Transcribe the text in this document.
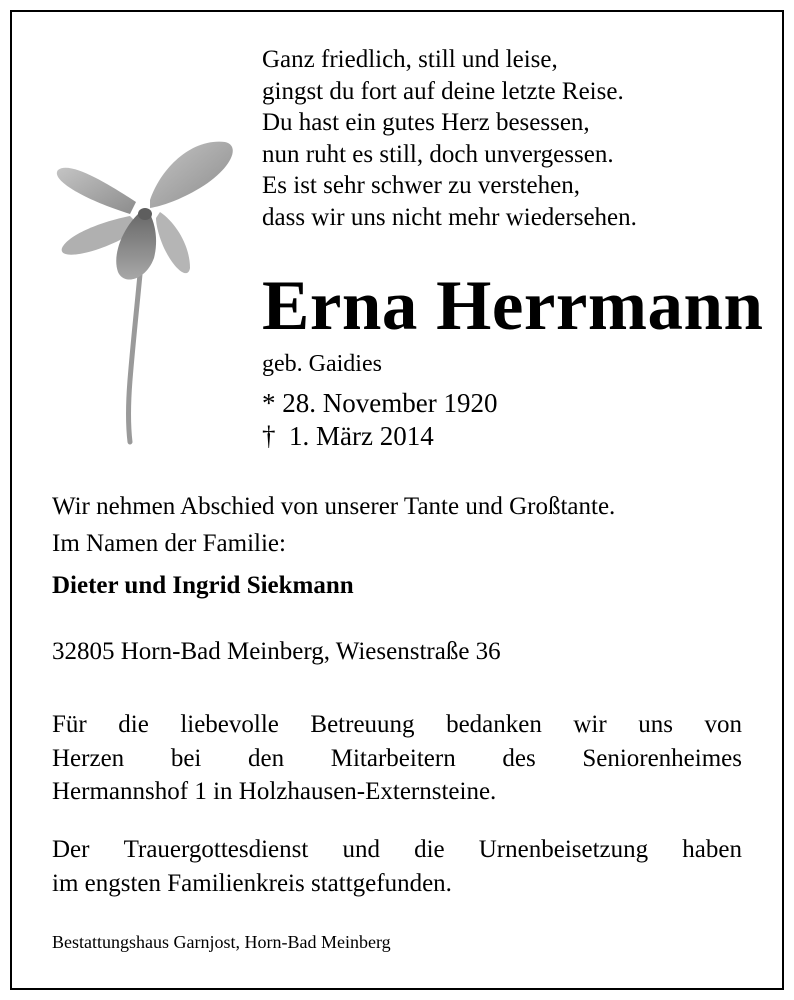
Ganz friedlich, still und leise,
gingst du fort auf deine letzte Reise.
Du hast ein gutes Herz besessen,
nun ruht es still, doch unvergessen.
Es ist sehr schwer zu verstehen,
dass wir uns nicht mehr wiedersehen.
Erna Herrmann
geb. Gaidies
* 28. November 1920
† 1. März 2014
Wir nehmen Abschied von unserer Tante und Großtante.
Im Namen der Familie:
Dieter und Ingrid Siekmann
32805 Horn-Bad Meinberg, Wiesenstraße 36
Für die liebevolle Betreuung bedanken wir uns von
Herzen bei den Mitarbeitern des Seniorenheimes
Hermannshof 1 in Holzhausen-Externsteine.
Der Trauergottesdienst und die Urnenbeisetzung haben
im engsten Familienkreis stattgefunden.
Bestattungshaus Garnjost, Horn-Bad Meinberg
